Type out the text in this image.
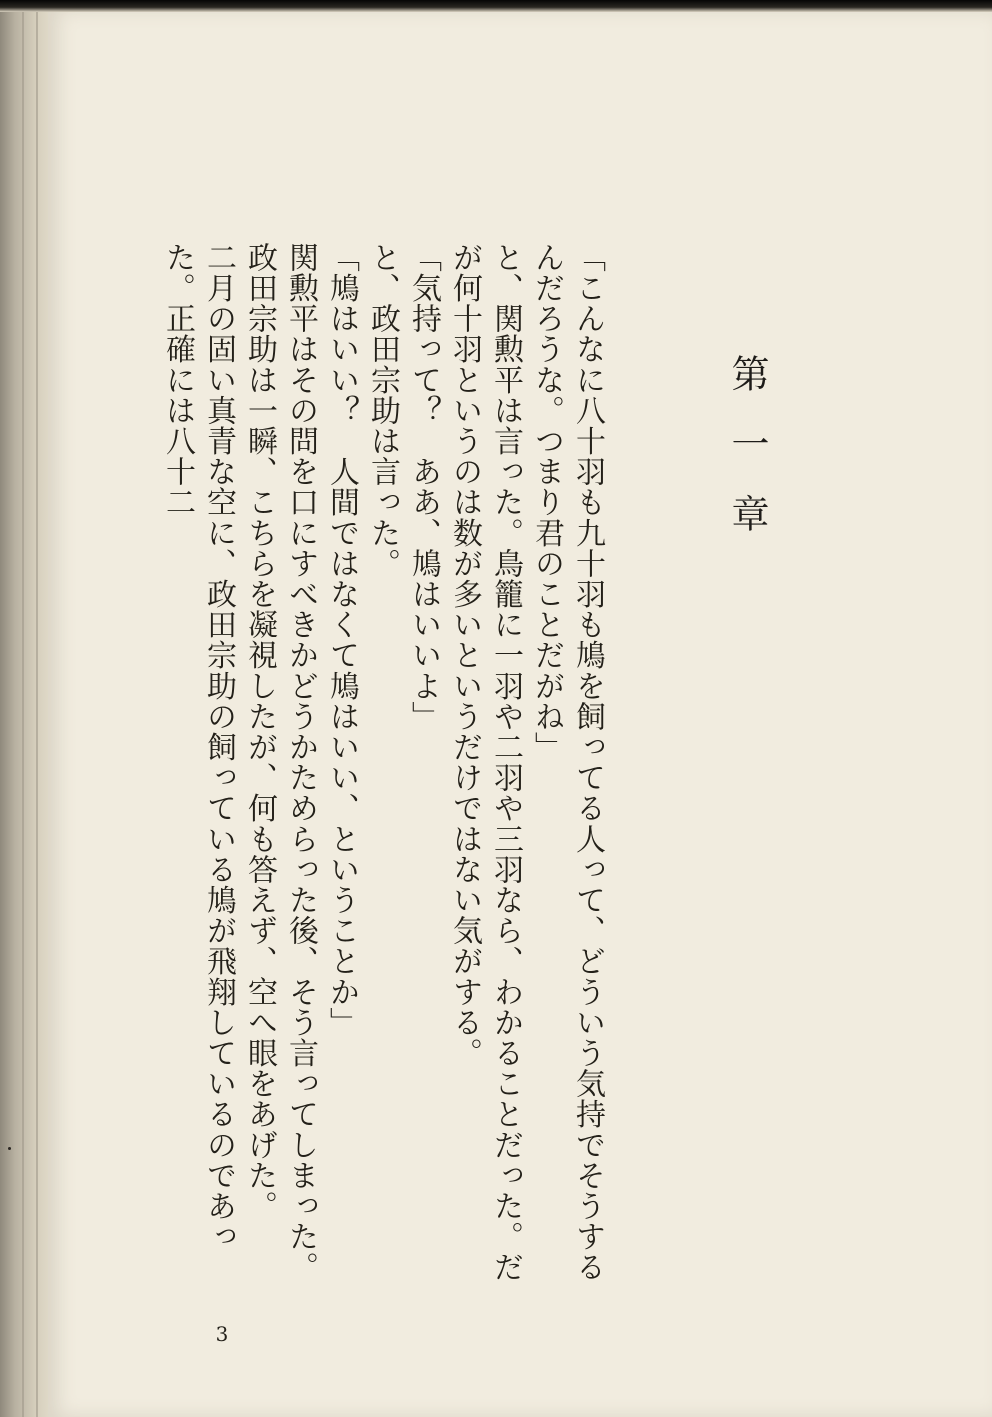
第一章

「こんなに八十羽も九十羽も鳩を飼ってる人って、どういう気持でそうするんだろうな。つまり君のことだがね」

と、関勲平は言った。鳥籠に一羽や二羽や三羽なら、わかることだった。だが何十羽というのは数が多いというだけではない気がする。

「気持って？　ああ、鳩はいいよ」

と、政田宗助は言った。

「鳩はいい？　人間ではなくて鳩はいい、ということか」

関勲平はその問を口にすべきかどうかためらった後、そう言ってしまった。

政田宗助は一瞬、こちらを凝視したが、何も答えず、空へ眼をあげた。

二月の固い真青な空に、政田宗助の飼っている鳩が飛翔しているのであった。正確には八十二

3
